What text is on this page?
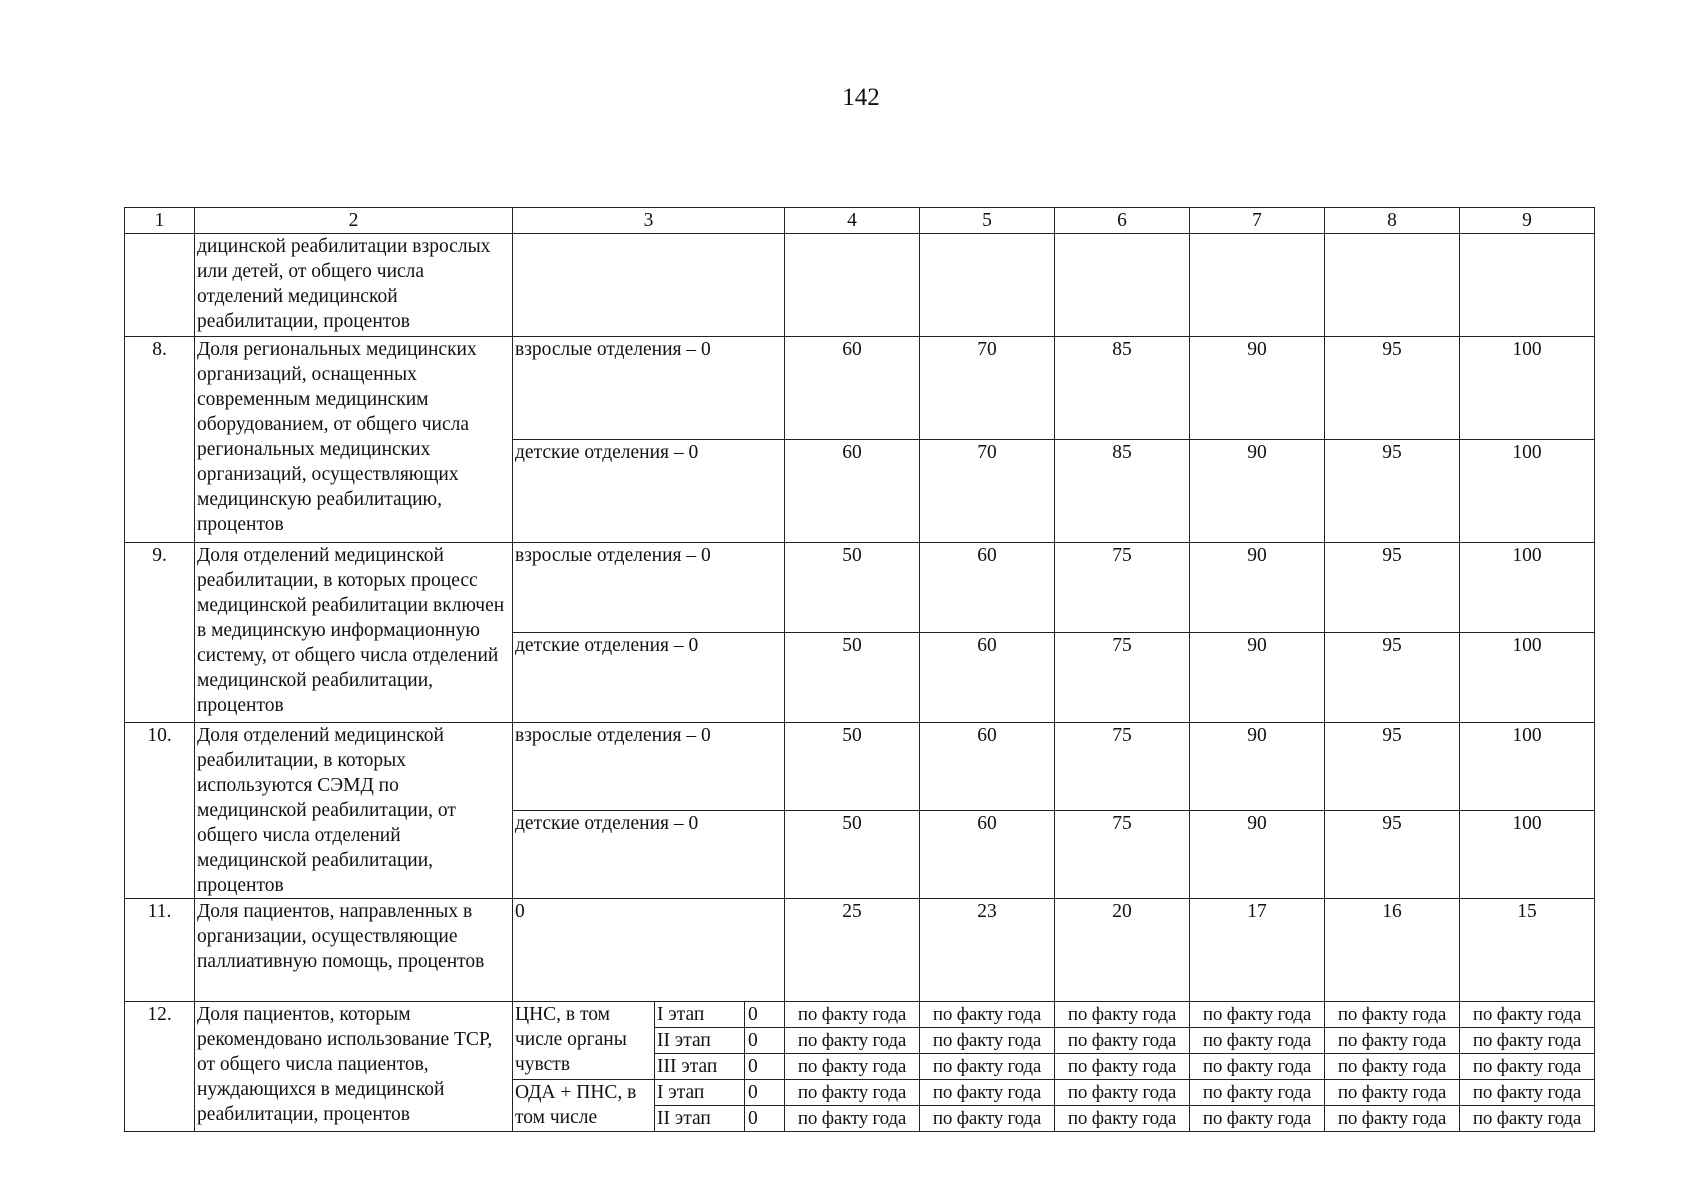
142
1	2	3			4	5	6	7	8	9
	дицинской реабилитации взрослых или детей, от общего числа отделений медицинской реабилитации, процентов									
8.	Доля региональных медицинских организаций, оснащенных современным медицинским оборудованием, от общего числа региональных медицинских организаций, осуществляющих медицинскую реабилитацию, процентов	взрослые отделения – 0			60	70	85	90	95	100
		детские отделения – 0			60	70	85	90	95	100
9.	Доля отделений медицинской реабилитации, в которых процесс медицинской реабилитации включен в медицинскую информационную систему, от общего числа отделений медицинской реабилитации, процентов	взрослые отделения – 0			50	60	75	90	95	100
		детские отделения – 0			50	60	75	90	95	100
10.	Доля отделений медицинской реабилитации, в которых используются СЭМД по медицинской реабилитации, от общего числа отделений медицинской реабилитации, процентов	взрослые отделения – 0			50	60	75	90	95	100
		детские отделения – 0			50	60	75	90	95	100
11.	Доля пациентов, направленных в организации, осуществляющие паллиативную помощь, процентов	0			25	23	20	17	16	15
12.	Доля пациентов, которым рекомендовано использование ТСР, от общего числа пациентов, нуждающихся в медицинской реабилитации, процентов	ЦНС, в том числе органы чувств	I этап	0	по факту года	по факту года	по факту года	по факту года	по факту года	по факту года
			II этап	0	по факту года	по факту года	по факту года	по факту года	по факту года	по факту года
			III этап	0	по факту года	по факту года	по факту года	по факту года	по факту года	по факту года
		ОДА + ПНС, в том числе	I этап	0	по факту года	по факту года	по факту года	по факту года	по факту года	по факту года
			II этап	0	по факту года	по факту года	по факту года	по факту года	по факту года	по факту года
